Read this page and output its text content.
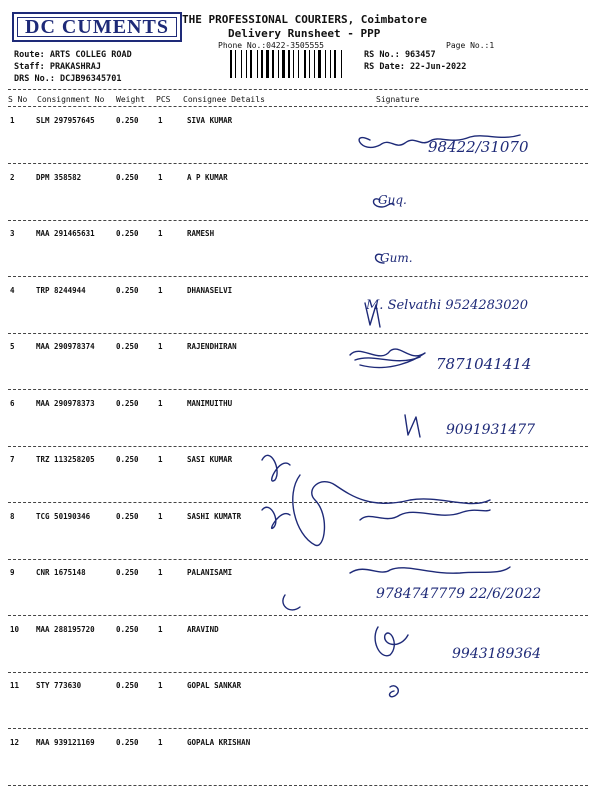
DC CUMENTS	THE PROFESSIONAL COURIERS, Coimbatore
Delivery Runsheet - PPP
Phone No.:0422-3505555	Page No.:1
Route: ARTS COLLEG ROAD
Staff: PRAKASHRAJ
DRS No.: DCJB96345701
RS No.: 963457
RS Date: 22-Jun-2022
S No Consignment No Weight PCS Consignee Details	Signature
1	SLM 297957645	0.250	1	SIVA KUMAR
2	DPM 358582	0.250	1	A P KUMAR
3	MAA 291465631	0.250	1	RAMESH
4	TRP 8244944	0.250	1	DHANASELVI
5	MAA 290978374	0.250	1	RAJENDHIRAN
6	MAA 290978373	0.250	1	MANIMUITHU
7	TRZ 113258205	0.250	1	SASI KUMAR
8	TCG 50190346	0.250	1	SASHI KUMATR
9	CNR 1675148	0.250	1	PALANISAMI
10 MAA 288195720	0.250	1	ARAVIND
11 STY 773630	0.250	1	GOPAL SANKAR
12 MAA 939121169	0.250	1	GOPALA KRISHAN
98422/31070
Guq.
Gum.
M. Selvathi 9524283020
7871041414
9091931477
9784747779 22/6/2022
9943189364
